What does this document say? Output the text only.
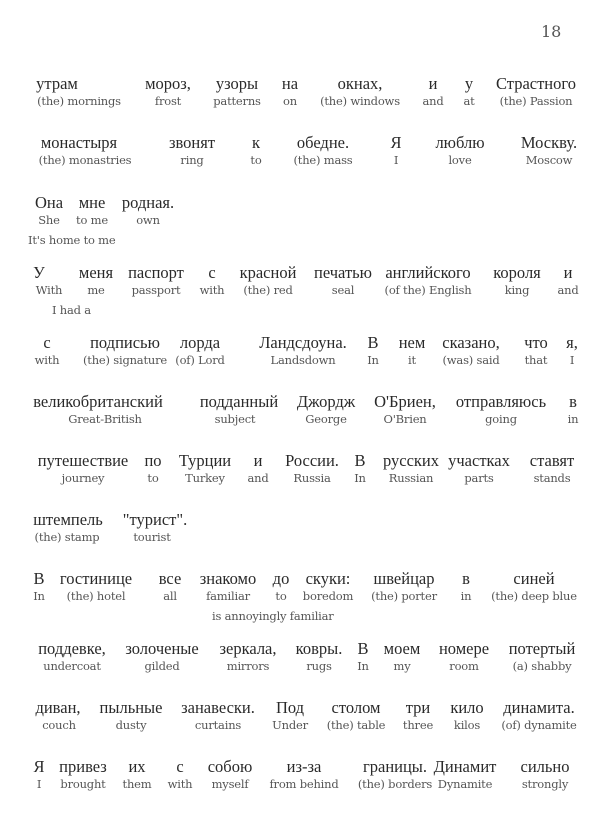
18
утрам
(the) mornings
мороз,
frost
узоры
patterns
на
on
окнах,
(the) windows
и
and
у
at
Страстного
(the) Passion
монастыря
(the) monastries
звонят
ring
к
to
обедне.
(the) mass
Я
I
люблю
love
Москву.
Moscow
Она
She
мне
to me
родная.
own
У
With
меня
me
паспорт
passport
с
with
красной
(the) red
печатью
seal
английского
(of the) English
короля
king
и
and
с
with
подписью
(the) signature
лорда
(of) Lord
Ландсдоуна.
Landsdown
В
In
нем
it
сказано,
(was) said
что
that
я,
I
великобританский
Great-British
подданный
subject
Джордж
George
O'Бриен,
O'Brien
отправляюсь
going
в
in
путешествие
journey
по
to
Турции
Turkey
и
and
России.
Russia
В
In
русских
Russian
участках
parts
ставят
stands
штемпель
(the) stamp
"турист".
tourist
В
In
гостинице
(the) hotel
все
all
знакомо
familiar
до
to
скуки:
boredom
швейцар
(the) porter
в
in
синей
(the) deep blue
поддевке,
undercoat
золоченые
gilded
зеркала,
mirrors
ковры.
rugs
В
In
моем
my
номере
room
потертый
(a) shabby
диван,
couch
пыльные
dusty
занавески.
curtains
Под
Under
столом
(the) table
три
three
кило
kilos
динамита.
(of) dynamite
Я
I
привез
brought
их
them
с
with
собою
myself
из-за
from behind
границы.
(the) borders
Динамит
Dynamite
сильно
strongly
It's home to me
I had a
is annoyingly familiar
